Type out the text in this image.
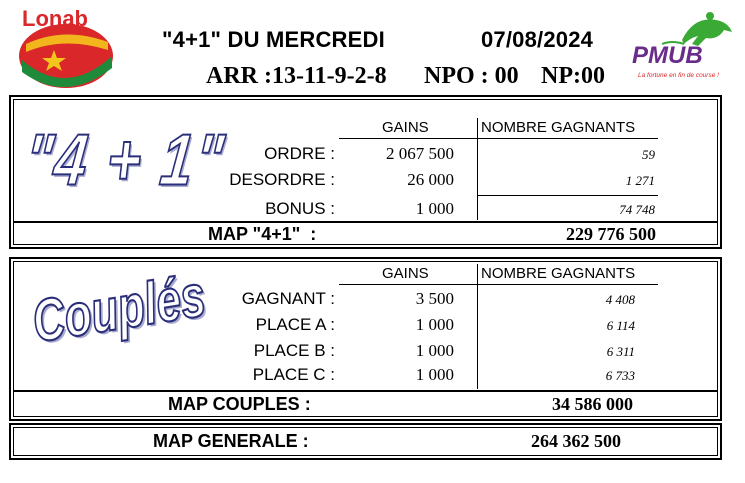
Lonab
PMUB
La fortune en fin de course !
"4+1" DU MERCREDI	07/08/2024
ARR :13-11-9-2-8 NPO : 00 NP:00
"4 + 1"	GAINS	NOMBRE GAGNANTS
ORDRE :	2 067 500	59
DESORDRE :	26 000	1 271
BONUS :	1 000	74 748
MAP "4+1"  :	229 776 500
Couplés	GAINS	NOMBRE GAGNANTS
GAGNANT :	3 500	4 408
PLACE A :	1 000	6 114
PLACE B :	1 000	6 311
PLACE C :	1 000	6 733
MAP COUPLES :	34 586 000
MAP GENERALE :	264 362 500
